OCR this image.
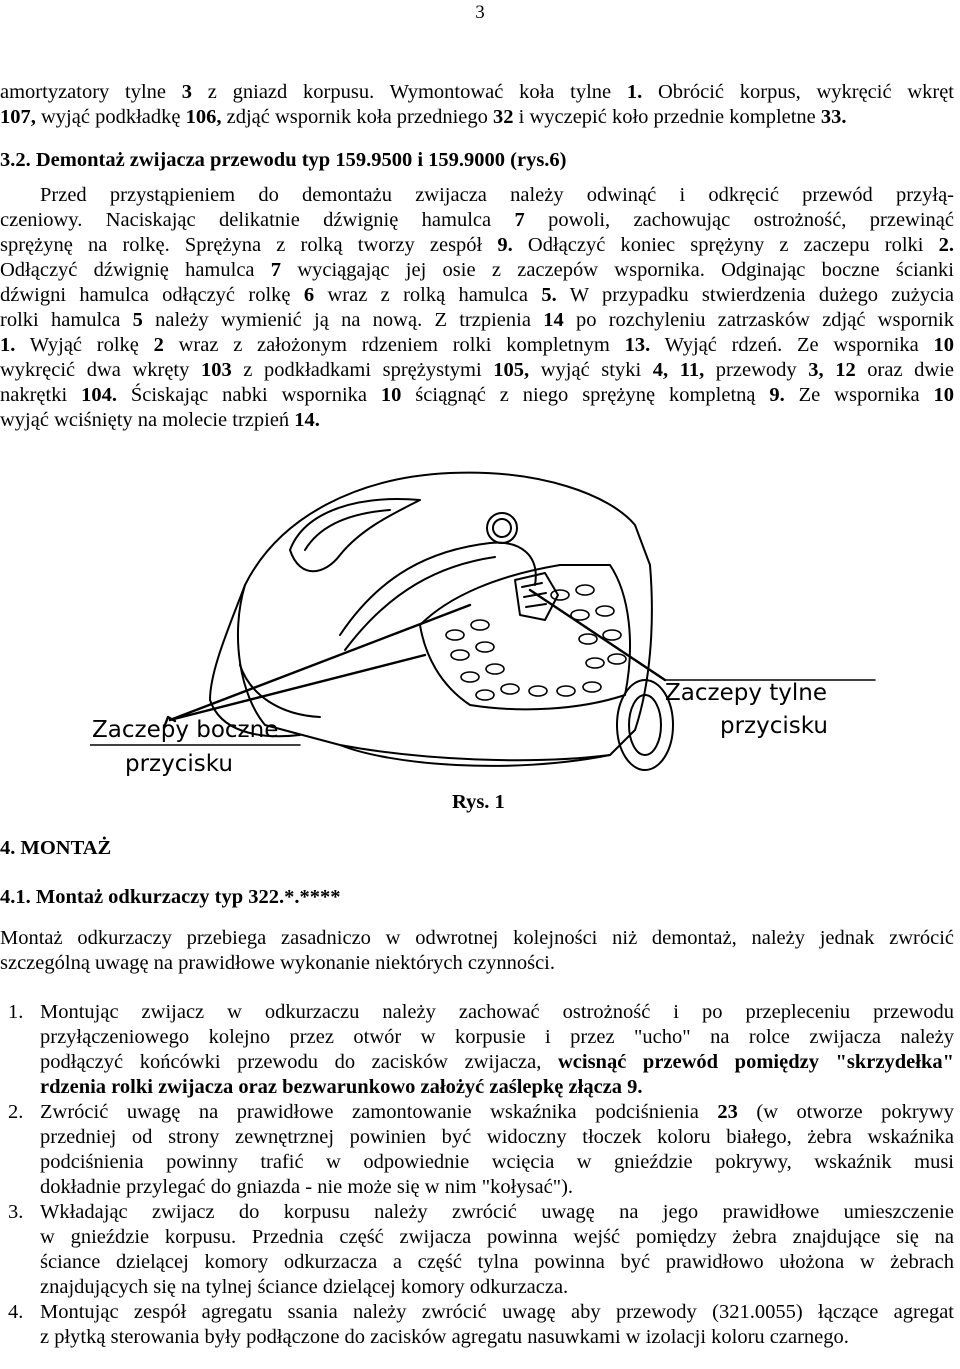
3
amortyzatory tylne 3 z gniazd korpusu. Wymontować koła tylne 1. Obrócić korpus, wykręcić wkręt
107, wyjąć podkładkę 106, zdjąć wspornik koła przedniego 32 i wyczepić koło przednie kompletne 33.
3.2. Demontaż zwijacza przewodu typ 159.9500 i 159.9000 (rys.6)
Przed przystąpieniem do demontażu zwijacza należy odwinąć i odkręcić przewód przyłą-
czeniowy. Naciskając delikatnie dźwignię hamulca 7 powoli, zachowując ostrożność, przewinąć
sprężynę na rolkę. Sprężyna z rolką tworzy zespół 9. Odłączyć koniec sprężyny z zaczepu rolki 2.
Odłączyć dźwignię hamulca 7 wyciągając jej osie z zaczepów wspornika. Odginając boczne ścianki
dźwigni hamulca odłączyć rolkę 6 wraz z rolką hamulca 5. W przypadku stwierdzenia dużego zużycia
rolki hamulca 5 należy wymienić ją na nową. Z trzpienia 14 po rozchyleniu zatrzasków zdjąć wspornik
1. Wyjąć rolkę 2 wraz z założonym rdzeniem rolki kompletnym 13. Wyjąć rdzeń. Ze wspornika 10
wykręcić dwa wkręty 103 z podkładkami sprężystymi 105, wyjąć styki 4, 11, przewody 3, 12 oraz dwie
nakrętki 104. Ściskając nabki wspornika 10 ściągnąć z niego sprężynę kompletną 9. Ze wspornika 10
wyjąć wciśnięty na molecie trzpień 14.
Zaczepy boczne
przycisku
Zaczepy tylne
przycisku
Rys. 1
4. MONTAŻ
4.1. Montaż odkurzaczy typ 322.*.****
Montaż odkurzaczy przebiega zasadniczo w odwrotnej kolejności niż demontaż, należy jednak zwrócić
szczególną uwagę na prawidłowe wykonanie niektórych czynności.
1. Montując zwijacz w odkurzaczu należy zachować ostrożność i po przepleceniu przewodu
przyłączeniowego kolejno przez otwór w korpusie i przez "ucho" na rolce zwijacza należy
podłączyć końcówki przewodu do zacisków zwijacza, wcisnąć przewód pomiędzy "skrzydełka"
rdzenia rolki zwijacza oraz bezwarunkowo założyć zaślepkę złącza 9.
2. Zwrócić uwagę na prawidłowe zamontowanie wskaźnika podciśnienia 23 (w otworze pokrywy
przedniej od strony zewnętrznej powinien być widoczny tłoczek koloru białego, żebra wskaźnika
podciśnienia powinny trafić w odpowiednie wcięcia w gnieździe pokrywy, wskaźnik musi
dokładnie przylegać do gniazda - nie może się w nim "kołysać").
3. Wkładając zwijacz do korpusu należy zwrócić uwagę na jego prawidłowe umieszczenie
w gnieździe korpusu. Przednia część zwijacza powinna wejść pomiędzy żebra znajdujące się na
ściance dzielącej komory odkurzacza a część tylna powinna być prawidłowo ułożona w żebrach
znajdujących się na tylnej ściance dzielącej komory odkurzacza.
4. Montując zespół agregatu ssania należy zwrócić uwagę aby przewody (321.0055) łączące agregat
z płytką sterowania były podłączone do zacisków agregatu nasuwkami w izolacji koloru czarnego.
